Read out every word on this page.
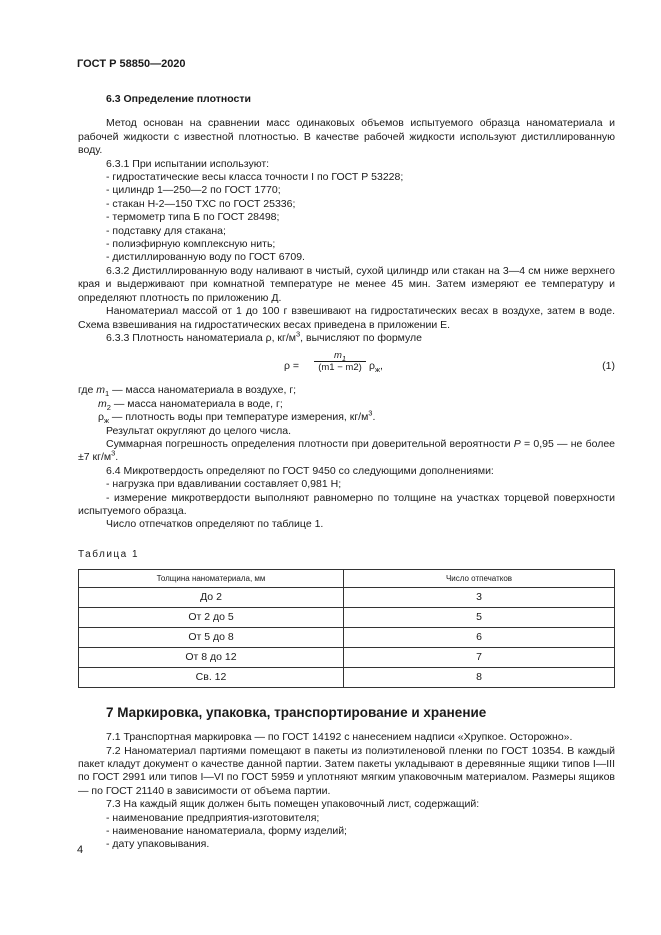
ГОСТ Р 58850—2020
6.3 Определение плотности

Метод основан на сравнении масс одинаковых объемов испытуемого образца наноматериала и рабочей жидкости с известной плотностью. В качестве рабочей жидкости используют дистиллированную воду.

6.3.1 При испытании используют:

- гидростатические весы класса точности I по ГОСТ Р 53228;

- цилиндр 1—250—2 по ГОСТ 1770;

- стакан Н-2—150 ТХС по ГОСТ 25336;

- термометр типа Б по ГОСТ 28498;

- подставку для стакана;

- полиэфирную комплексную нить;

- дистиллированную воду по ГОСТ 6709.

6.3.2 Дистиллированную воду наливают в чистый, сухой цилиндр или стакан на 3—4 см ниже верхнего края и выдерживают при комнатной температуре не менее 45 мин. Затем измеряют ее температуру и определяют плотность по приложению Д.

Наноматериал массой от 1 до 100 г взвешивают на гидростатических весах в воздухе, затем в воде. Схема взвешивания на гидростатических весах приведена в приложении Е.

6.3.3 Плотность наноматериала ρ, $кг/м^3$, вычисляют по формуле

ρ =
$m_1$
(m1 − m2) $\rho_ж$,	(1)

где $m_1$ — масса наноматериала в воздухе, г;

$m_2$ — масса наноматериала в воде, г;

$\rho_ж$ — плотность воды при температуре измерения, $кг/м^3$.

Результат округляют до целого числа.

Суммарная погрешность определения плотности при доверительной вероятности P = 0,95 — не более ±7 $кг/м^3$.

6.4 Микротвердость определяют по ГОСТ 9450 со следующими дополнениями:

- нагрузка при вдавливании составляет 0,981 Н;

- измерение микротвердости выполняют равномерно по толщине на участках торцевой поверхности испытуемого образца.

Число отпечатков определяют по таблице 1.

Таблица 1
Толщина наноматериала, мм	Число отпечатков
До 2	3
От 2 до 5	5
От 5 до 8	6
От 8 до 12	7
Св. 12	8
7 Маркировка, упаковка, транспортирование и хранение

7.1 Транспортная маркировка — по ГОСТ 14192 с нанесением надписи «Хрупкое. Осторожно».

7.2 Наноматериал партиями помещают в пакеты из полиэтиленовой пленки по ГОСТ 10354. В каждый пакет кладут документ о качестве данной партии. Затем пакеты укладывают в деревянные ящики типов I—III по ГОСТ 2991 или типов I—VI по ГОСТ 5959 и уплотняют мягким упаковочным материалом. Размеры ящиков — по ГОСТ 21140 в зависимости от объема партии.

7.3 На каждый ящик должен быть помещен упаковочный лист, содержащий:

- наименование предприятия-изготовителя;

- наименование наноматериала, форму изделий;

- дату упаковывания.

4
